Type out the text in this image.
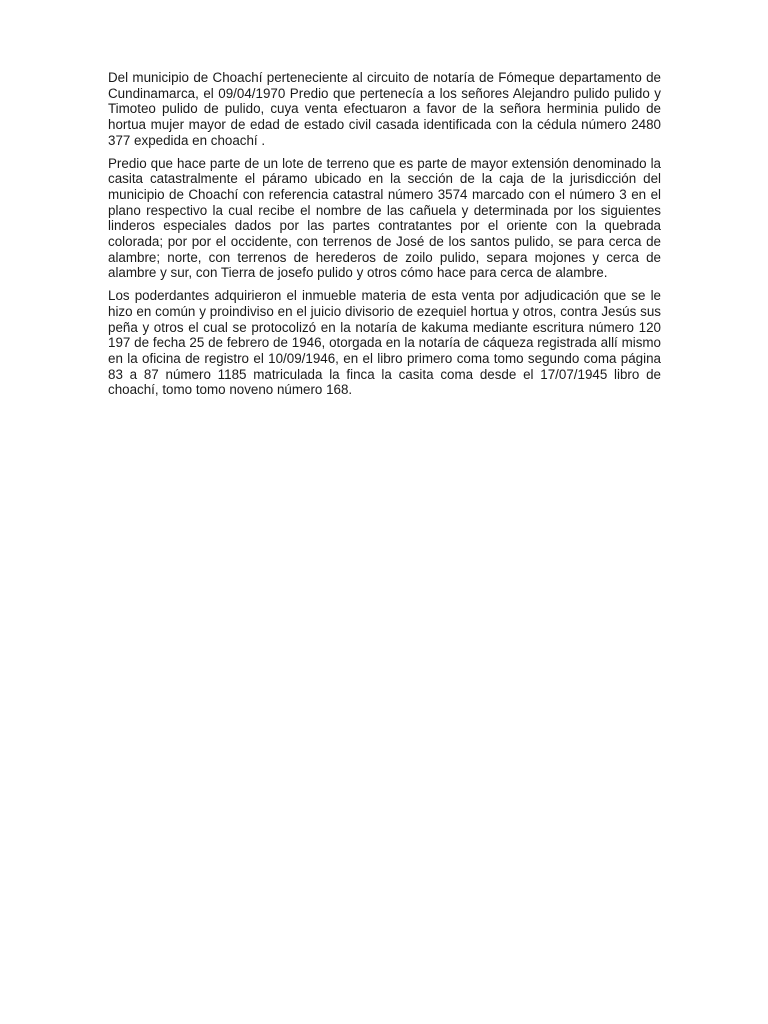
Del municipio de Choachí perteneciente al circuito de notaría de Fómeque departamento de Cundinamarca, el 09/04/1970 Predio que pertenecía a los señores Alejandro pulido pulido y Timoteo pulido de pulido, cuya venta efectuaron a favor de la señora herminia pulido de hortua mujer mayor de edad de estado civil casada identificada con la cédula número 2480 377 expedida en choachí .

Predio que hace parte de un lote de terreno que es parte de mayor extensión denominado la casita catastralmente el páramo ubicado en la sección de la caja de la jurisdicción del municipio de Choachí con referencia catastral número 3574 marcado con el número 3 en el plano respectivo la cual recibe el nombre de las cañuela y determinada por los siguientes linderos especiales dados por las partes contratantes por el oriente con la quebrada colorada; por por el occidente, con terrenos de José de los santos pulido, se para cerca de alambre; norte, con terrenos de herederos de zoilo pulido, separa mojones y cerca de alambre y sur, con Tierra de josefo pulido y otros cómo hace para cerca de alambre.

Los poderdantes adquirieron el inmueble materia de esta venta por adjudicación que se le hizo en común y proindiviso en el juicio divisorio de ezequiel hortua y otros, contra Jesús sus peña y otros el cual se protocolizó en la notaría de kakuma mediante escritura número 120 197 de fecha 25 de febrero de 1946, otorgada en la notaría de cáqueza registrada allí mismo en la oficina de registro el 10/09/1946, en el libro primero coma tomo segundo coma página 83 a 87 número 1185 matriculada la finca la casita coma desde el 17/07/1945 libro de choachí, tomo tomo noveno número 168.
